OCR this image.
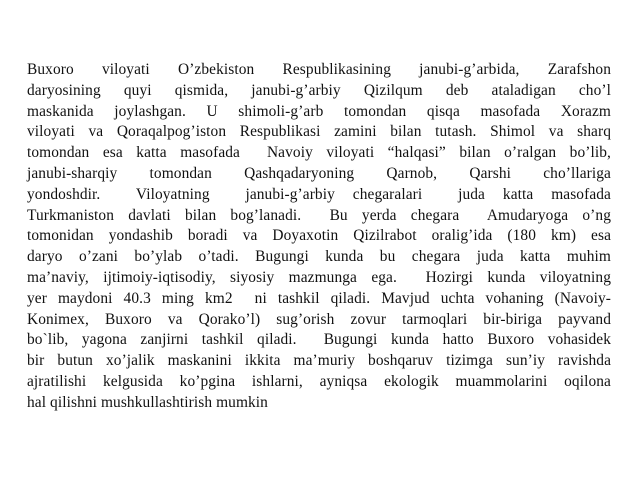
Buxoro viloyati O’zbekiston Respublikasining janubi-g’arbida, Zarafshon
daryosining quyi qismida, janubi-g’arbiy Qizilqum deb ataladigan cho’l
maskanida joylashgan. U shimoli-g’arb tomondan qisqa masofada Xorazm
viloyati va Qoraqalpog’iston Respublikasi zamini bilan tutash. Shimol va sharq
tomondan esa katta masofada  Navoiy viloyati “halqasi” bilan o’ralgan bo’lib,
janubi-sharqiy tomondan Qashqadaryoning Qarnob, Qarshi cho’llariga
yondoshdir.  Viloyatning  janubi-g’arbiy chegaralari  juda katta masofada
Turkmaniston davlati bilan bog’lanadi.  Bu yerda chegara  Amudaryoga o’ng
tomonidan yondashib boradi va Doyaxotin Qizilrabot oralig’ida (180 km) esa
daryo o’zani bo’ylab o’tadi. Bugungi kunda bu chegara juda katta muhim
ma’naviy, ijtimoiy-iqtisodiy, siyosiy mazmunga ega.  Hozirgi kunda viloyatning
yer maydoni 40.3 ming km2  ni tashkil qiladi. Mavjud uchta vohaning (Navoiy-
Konimex, Buxoro va Qorako’l) sug’orish zovur tarmoqlari bir-biriga payvand
bo`lib, yagona zanjirni tashkil qiladi.  Bugungi kunda hatto Buxoro vohasidek
bir butun xo’jalik maskanini ikkita ma’muriy boshqaruv tizimga sun’iy ravishda
ajratilishi kelgusida ko’pgina ishlarni, ayniqsa ekologik muammolarini oqilona
hal qilishni mushkullashtirish mumkin
